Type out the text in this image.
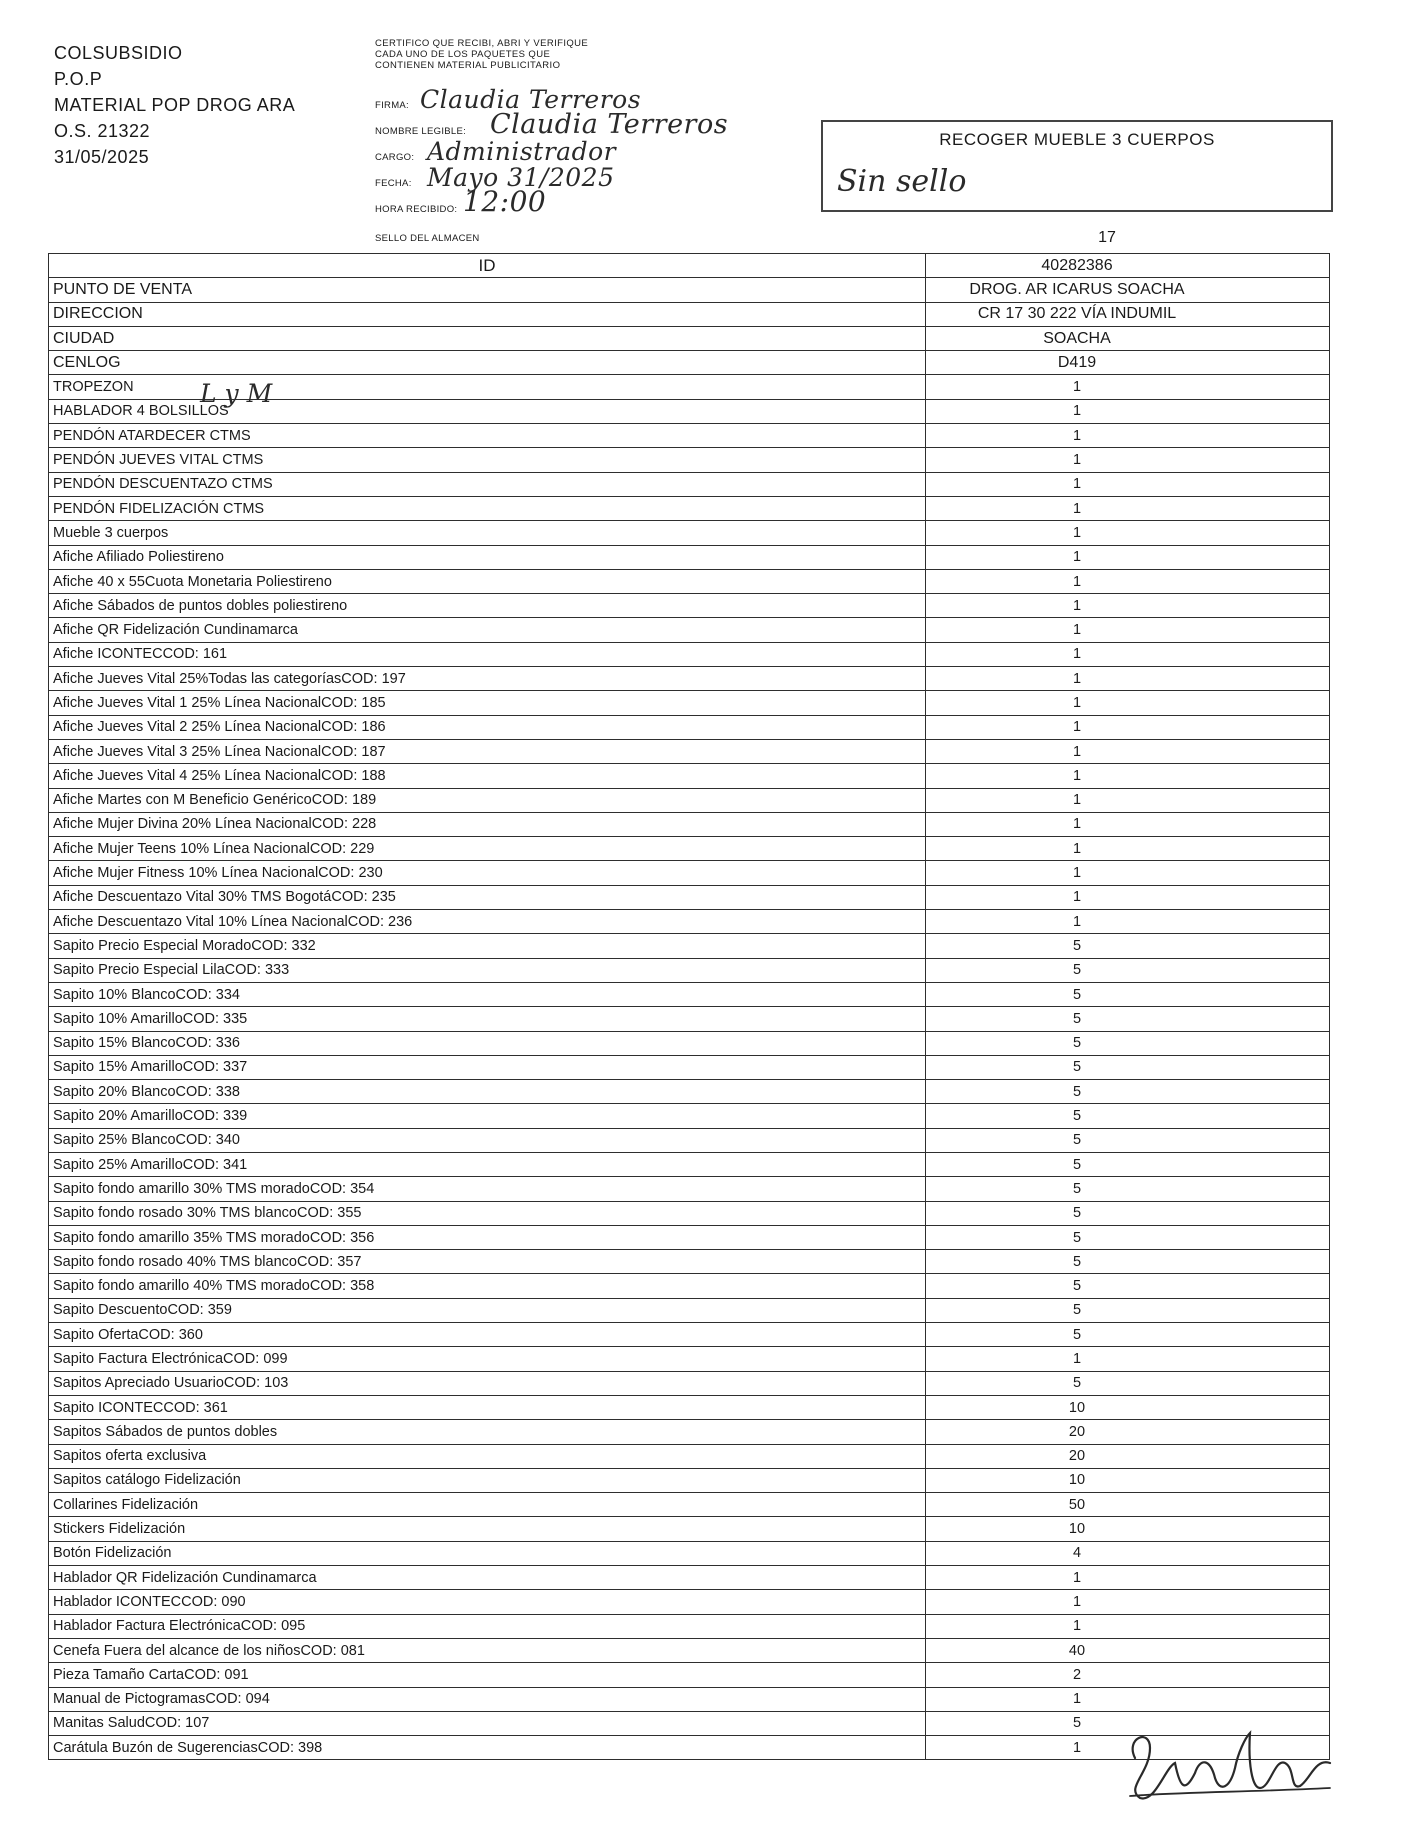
COLSUBSIDIO
P.O.P
MATERIAL POP DROG ARA
O.S. 21322
31/05/2025
CERTIFICO QUE RECIBI, ABRI Y VERIFIQUE
CADA UNO DE LOS PAQUETES QUE
CONTIENEN MATERIAL PUBLICITARIO
FIRMA: Claudia Terreros
NOMBRE LEGIBLE: Claudia Terreros
CARGO: Administrador
FECHA: Mayo 31/2025
HORA RECIBIDO: 12:00
SELLO DEL ALMACEN
RECOGER MUEBLE 3 CUERPOS
Sin sello
17
ID	40282386
PUNTO DE VENTA	DROG. AR ICARUS SOACHA
DIRECCION	CR 17 30 222 VÍA INDUMIL
CIUDAD	SOACHA
CENLOG	D419
TROPEZON	1
HABLADOR 4 BOLSILLOS	1
PENDÓN ATARDECER CTMS	1
PENDÓN JUEVES VITAL CTMS	1
PENDÓN DESCUENTAZO CTMS	1
PENDÓN FIDELIZACIÓN CTMS	1
Mueble 3 cuerpos	1
Afiche Afiliado Poliestireno	1
Afiche 40 x 55Cuota Monetaria Poliestireno	1
Afiche Sábados de puntos dobles poliestireno	1
Afiche QR Fidelización Cundinamarca	1
Afiche ICONTECCOD: 161	1
Afiche Jueves Vital 25%Todas las categoríasCOD: 197	1
Afiche Jueves Vital 1 25% Línea NacionalCOD: 185	1
Afiche Jueves Vital 2 25% Línea NacionalCOD: 186	1
Afiche Jueves Vital 3 25% Línea NacionalCOD: 187	1
Afiche Jueves Vital 4 25% Línea NacionalCOD: 188	1
Afiche Martes con M Beneficio GenéricoCOD: 189	1
Afiche Mujer Divina 20% Línea NacionalCOD: 228	1
Afiche Mujer Teens 10% Línea NacionalCOD: 229	1
Afiche Mujer Fitness 10% Línea NacionalCOD: 230	1
Afiche Descuentazo Vital 30% TMS BogotáCOD: 235	1
Afiche Descuentazo Vital 10% Línea NacionalCOD: 236	1
Sapito Precio Especial MoradoCOD: 332	5
Sapito Precio Especial LilaCOD: 333	5
Sapito 10% BlancoCOD: 334	5
Sapito 10% AmarilloCOD: 335	5
Sapito 15% BlancoCOD: 336	5
Sapito 15% AmarilloCOD: 337	5
Sapito 20% BlancoCOD: 338	5
Sapito 20% AmarilloCOD: 339	5
Sapito 25% BlancoCOD: 340	5
Sapito 25% AmarilloCOD: 341	5
Sapito fondo amarillo 30% TMS moradoCOD: 354	5
Sapito fondo rosado 30% TMS blancoCOD: 355	5
Sapito fondo amarillo 35% TMS moradoCOD: 356	5
Sapito fondo rosado 40% TMS blancoCOD: 357	5
Sapito fondo amarillo 40% TMS moradoCOD: 358	5
Sapito DescuentoCOD: 359	5
Sapito OfertaCOD: 360	5
Sapito Factura ElectrónicaCOD: 099	1
Sapitos Apreciado UsuarioCOD: 103	5
Sapito ICONTECCOD: 361	10
Sapitos Sábados de puntos dobles	20
Sapitos oferta exclusiva	20
Sapitos catálogo Fidelización	10
Collarines Fidelización	50
Stickers Fidelización	10
Botón Fidelización	4
Hablador QR Fidelización Cundinamarca	1
Hablador ICONTECCOD: 090	1
Hablador Factura ElectrónicaCOD: 095	1
Cenefa Fuera del alcance de los niñosCOD: 081	40
Pieza Tamaño CartaCOD: 091	2
Manual de PictogramasCOD: 094	1
Manitas SaludCOD: 107	5
Carátula Buzón de SugerenciasCOD: 398	1
L y M
